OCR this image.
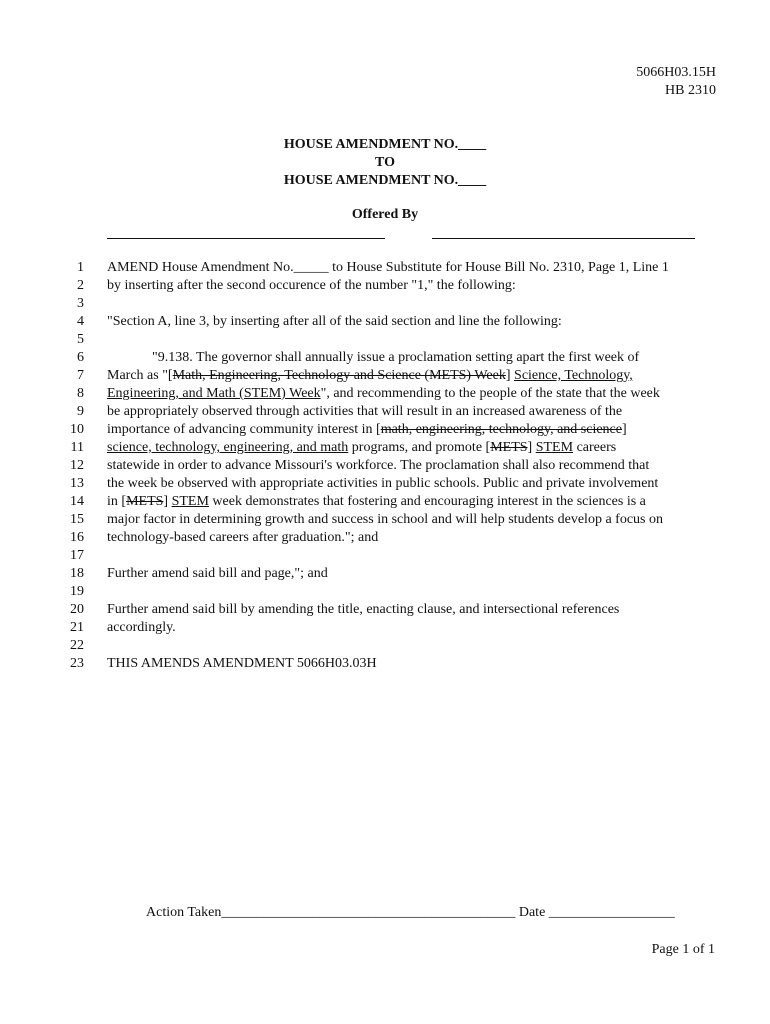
5066H03.15H
HB 2310
HOUSE AMENDMENT NO.____
TO
HOUSE AMENDMENT NO.____
Offered By
1 AMEND House Amendment No._____ to House Substitute for House Bill No. 2310, Page 1, Line 1
2 by inserting after the second occurence of the number "1," the following:
3
4 "Section A, line 3, by inserting after all of the said section and line the following:
5
6	"9.138. The governor shall annually issue a proclamation setting apart the first week of
7 March as "[Math, Engineering, Technology and Science (METS) Week] Science, Technology,
8 Engineering, and Math (STEM) Week", and recommending to the people of the state that the week
9 be appropriately observed through activities that will result in an increased awareness of the
10 importance of advancing community interest in [math, engineering, technology, and science]
11 science, technology, engineering, and math programs, and promote [METS] STEM careers
12 statewide in order to advance Missouri's workforce. The proclamation shall also recommend that
13 the week be observed with appropriate activities in public schools. Public and private involvement
14 in [METS] STEM week demonstrates that fostering and encouraging interest in the sciences is a
15 major factor in determining growth and success in school and will help students develop a focus on
16 technology-based careers after graduation."; and
17
18 Further amend said bill and page,"; and
19
20 Further amend said bill by amending the title, enacting clause, and intersectional references
21 accordingly.
22
23 THIS AMENDS AMENDMENT 5066H03.03H
Action Taken__________________________________________ Date __________________
Page 1 of 1
